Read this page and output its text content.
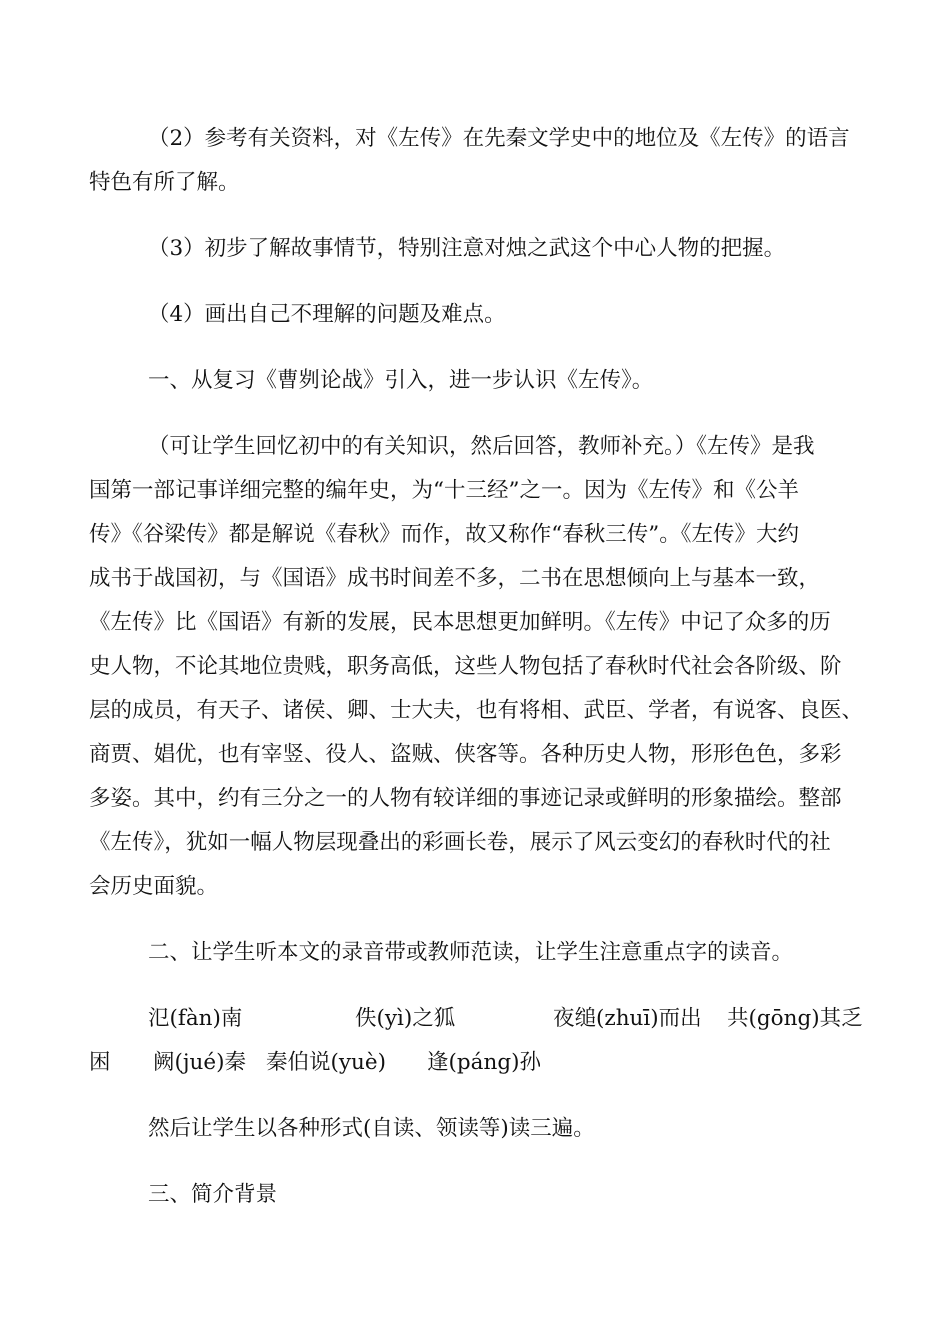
（2）参考有关资料，对《左传》在先秦文学史中的地位及《左传》的语言
特色有所了解。
（3）初步了解故事情节，特别注意对烛之武这个中心人物的把握。
（4）画出自己不理解的问题及难点。
一、从复习《曹刿论战》引入，进一步认识《左传》。
（可让学生回忆初中的有关知识，然后回答，教师补充。）《左传》是我
国第一部记事详细完整的编年史，为“十三经”之一。因为《左传》和《公羊
传》《谷梁传》都是解说《春秋》而作，故又称作“春秋三传”。《左传》大约
成书于战国初，与《国语》成书时间差不多，二书在思想倾向上与基本一致，
《左传》比《国语》有新的发展，民本思想更加鲜明。《左传》中记了众多的历
史人物，不论其地位贵贱，职务高低，这些人物包括了春秋时代社会各阶级、阶
层的成员，有天子、诸侯、卿、士大夫，也有将相、武臣、学者，有说客、良医、
商贾、娼优，也有宰竖、役人、盗贼、侠客等。各种历史人物，形形色色，多彩
多姿。其中，约有三分之一的人物有较详细的事迹记录或鲜明的形象描绘。整部
《左传》，犹如一幅人物层现叠出的彩画长卷，展示了风云变幻的春秋时代的社
会历史面貌。
二、让学生听本文的录音带或教师范读，让学生注意重点字的读音。

氾(fàn)南

	佚(yì)之狐

	夜缒(zhuī)而出

共(gōng)其乏

困

阙(jué)秦

秦伯说(yuè)

逢(páng)孙

然后让学生以各种形式(自读、领读等)读三遍。
三、简介背景
